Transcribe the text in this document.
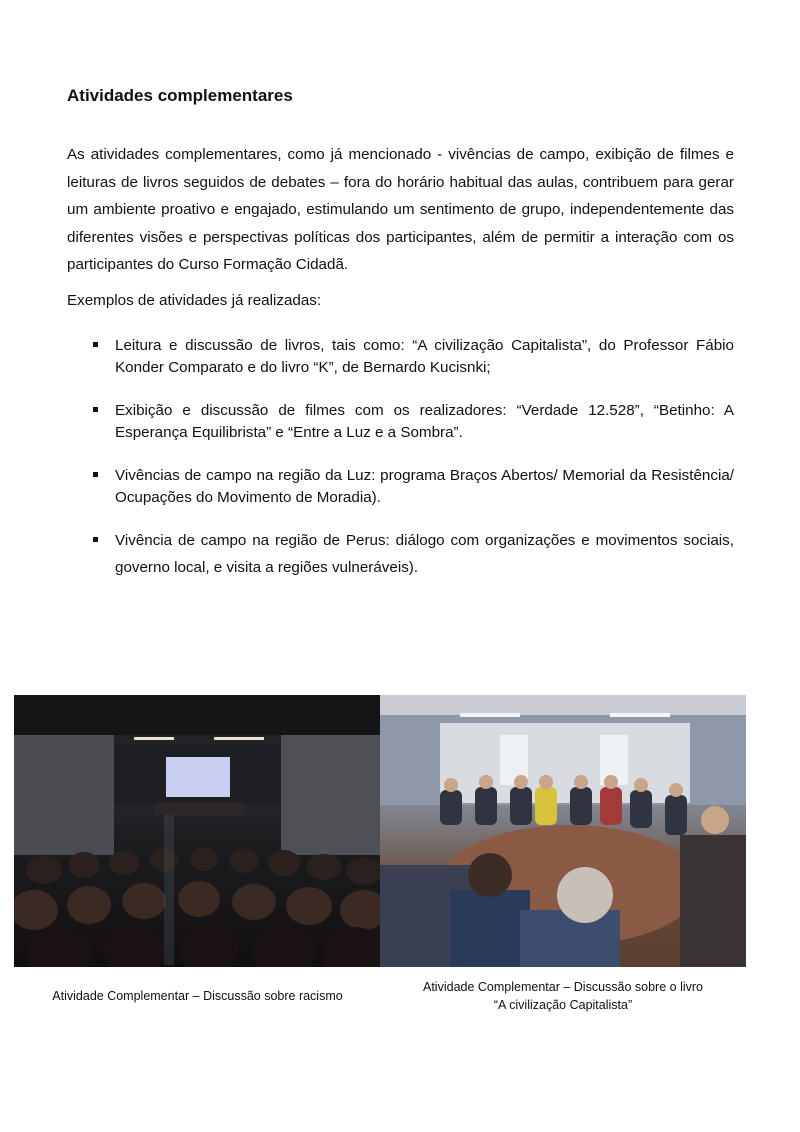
Atividades complementares

As atividades complementares, como já mencionado - vivências de campo, exibição de filmes e leituras de livros seguidos de debates – fora do horário habitual das aulas, contribuem para gerar um ambiente proativo e engajado, estimulando um sentimento de grupo, independentemente das diferentes visões e perspectivas políticas dos participantes, além de permitir a interação com os participantes do Curso Formação Cidadã.

Exemplos de atividades já realizadas:

Leitura e discussão de livros, tais como: “A civilização Capitalista”, do Professor Fábio Konder Comparato e do livro “K”, de Bernardo Kucisnki;
Exibição e discussão de filmes com os realizadores: “Verdade 12.528”, “Betinho: A Esperança Equilibrista” e “Entre a Luz e a Sombra”.
Vivências de campo na região da Luz: programa Braços Abertos/ Memorial da Resistência/ Ocupações do Movimento de Moradia).
Vivência de campo na região de Perus: diálogo com organizações e movimentos sociais, governo local, e visita a regiões vulneráveis).
Atividade Complementar – Discussão sobre racismo
Atividade Complementar – Discussão sobre o livro
“A civilização Capitalista”
